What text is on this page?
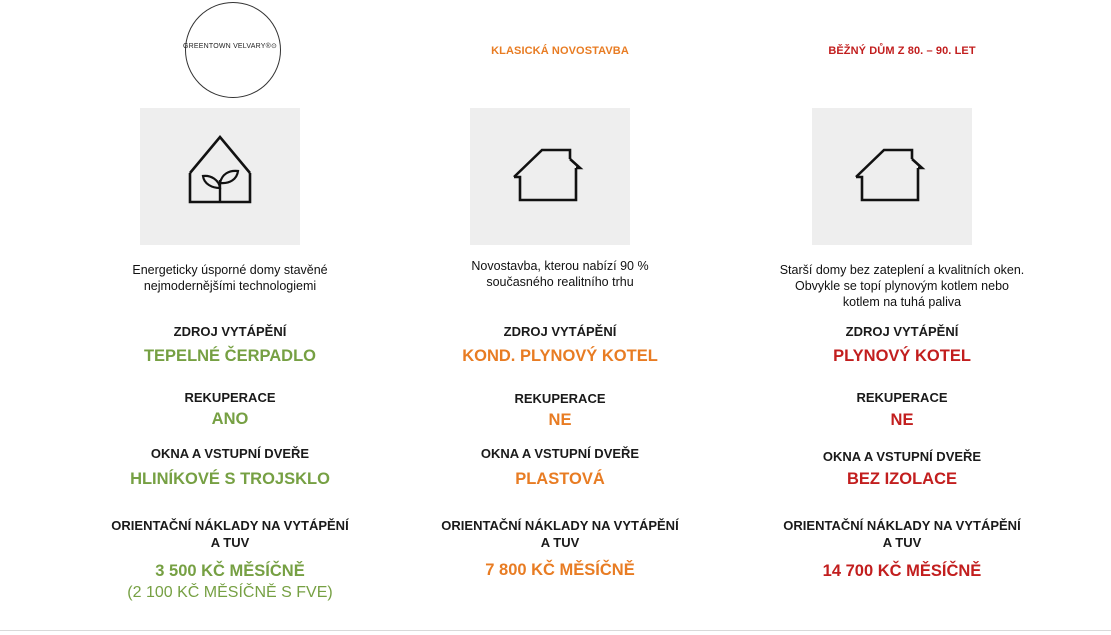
GREENTOWN VELVARY®⊙
Energeticky úsporné domy stavěné
nejmodernějšími technologiemi
ZDROJ VYTÁPĚNÍ
TEPELNÉ ČERPADLO
REKUPERACE
ANO
OKNA A VSTUPNÍ DVEŘE
HLINÍKOVÉ S TROJSKLO
ORIENTAČNÍ NÁKLADY NA VYTÁPĚNÍ
A TUV
3 500 KČ MĚSÍČNĚ
(2 100 KČ MĚSÍČNĚ S FVE)
KLASICKÁ NOVOSTAVBA
Novostavba, kterou nabízí 90 %
současného realitního trhu
ZDROJ VYTÁPĚNÍ
KOND. PLYNOVÝ KOTEL
REKUPERACE
NE
OKNA A VSTUPNÍ DVEŘE
PLASTOVÁ
ORIENTAČNÍ NÁKLADY NA VYTÁPĚNÍ
A TUV
7 800 KČ MĚSÍČNĚ
BĚŽNÝ DŮM Z 80. – 90. LET
Starší domy bez zateplení a kvalitních oken.
Obvykle se topí plynovým kotlem nebo
kotlem na tuhá paliva
ZDROJ VYTÁPĚNÍ
PLYNOVÝ KOTEL
REKUPERACE
NE
OKNA A VSTUPNÍ DVEŘE
BEZ IZOLACE
ORIENTAČNÍ NÁKLADY NA VYTÁPĚNÍ
A TUV
14 700 KČ MĚSÍČNĚ
